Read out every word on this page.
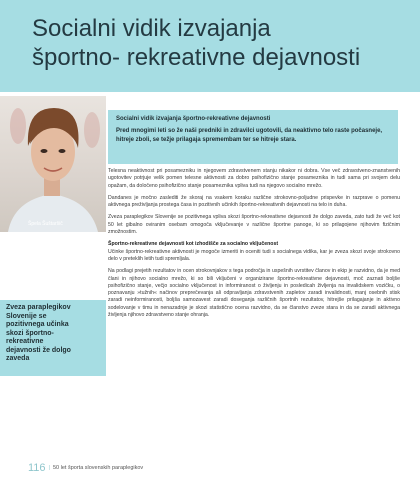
Socialni vidik izvajanja
športno- rekreativne dejavnosti
Špela Šuštaršič
Socialni vidik izvajanja športno-rekreativne dejavnosti
Pred mnogimi leti so že naši predniki in zdravilci ugotovili, da neaktivno telo raste počasneje, hitreje zboli, se težje prilagaja spremembam ter se hitreje stara.

Telesna neaktivnost pri posamezniku in njegovem zdravstvenem stanju nikakor ni dobra. Vse več zdravstveno-znanstvenih ugotovitev potrjuje velik pomen telesne aktivnosti za dobro psihofizično stanje posameznika in tudi sama pri svojem delu opažam, da določeno psihofizično stanje posameznika vpliva tudi na njegovo socialno mrežo.

Dandanes je močno zaslediti že skoraj na vsakem koraku različne strokovno-poljudne prispevke in razprave o pomenu aktivnega preživljanja prostega časa in pozitivnih učinkih športno-rekreativnih dejavnosti na telo in duha.

Zveza paraplegikov Slovenije se pozitivnega vpliva skozi športno-rekreativne dejavnosti že dolgo zaveda, zato tudi že več kot 50 let gibalno oviranim osebam omogoča vključevanje v različne športne panoge, ki so prilagojene njihovim fizičnim zmožnostim.

Športno-rekreativne dejavnosti kot izhodišče za socialno vključenost

Učinke športno-rekreativne aktivnosti je mogoče izmeriti in oceniti tudi s socialnega vidika, kar je zveza skozi svoje strokovno delo v preteklih letih tudi spremljala.

Na podlagi prejetih rezultatov in ocen strokovnjakov s tega področja in uspešnih uvrstitev članov in ekip je razvidno, da je med člani in njihovo socialno mrežo, ki so bili vključeni v organizirane športno-rekreativne dejavnosti, moč zaznati boljše psihofizično stanje, večjo socialno vključenost in informiranost o življenju in posledicah življenja na invalidskem vozičku, o poznavanju »tužnih« načinov preprečevanja ali odpravljanja zdravstvenih zapletov zaradi invalidnosti, manj osebnih stisk zaradi neinformiranosti, boljša samozavest zaradi doseganja različnih športnih rezultatov, hitrejše prilagajanje in aktivno sodelovanje v timu in nenazadnje je skozi statistično ocena razvidno, da se članstvo zveze stara in da se zaradi aktivnega življenja njihovo zdravstveno stanje ohranja.

Zveza paraplegikov Slovenije se pozitivnega učinka skozi športno-rekreativne dejavnosti že dolgo zaveda
116 | 50 let športa slovenskih paraplegikov
